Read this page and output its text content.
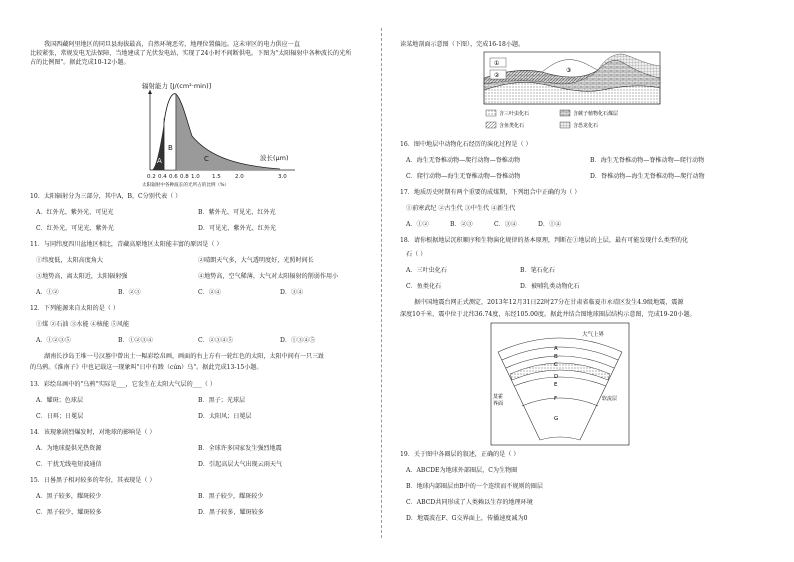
我国西藏阿里地区的同旦县海拔最高，自然环境恶劣，地理位置偏远。这未审区的电力供应一直
比较紧张，常规发电无法保障，当地建成了光伏发电站，实现了24小时不间断供电。下图为"太阳辐射中各种波长的光所
占的比例图"。据此完成10-12小题。
辐射能力 [J/(cm²·min)]
A
B
C	波长(μm)
0.2 0.4 0.6 0.8 1.0 1.5	2.0	3.0
太阳辐射中各种波长的光所占的比例（%）
10．太阳辐射分为三部分，其中A，B，C分别代表（ ）
A．红外光、紫外光、可见光	B．紫外光、可见光、红外光
C．红外光、可见光、紫外光	D．可见光、紫外光、红外光
11．与同纬度四川盆地区相比，青藏高原地区太阳能丰富的原因是（ ）
①纬度低，太阳高度角大	②晴朗天气多，大气透明度好，光照时间长
③地势高，离太阳近，太阳辐射强	④地势高，空气稀薄，大气对太阳辐射的削弱作用小
A．①②	B．②③	C．②④	D．③④
12．下列能源来自太阳的是（ ）
①煤 ②石油 ③水能 ④核能 ⑤风能
A．①②③⑤	B．①②③④	C．②③④⑤	D．①③④⑤
湖南长沙岛王堆一号汉墓中曾出土一幅彩绘帛画，画面的右上方有一轮红色的太阳，太阳中间有一只三趾
的乌鸦。《淮南子》中也记载这一现象叫"日中有踆（cún）乌"。据此完成13-15小题。
13．彩绘帛画中的"乌鸦"实际是___，它发生在太阳大气层的___（ ）
A．耀斑；色球层	B．黑子；光球层
C．日珥；日冕层	D．太阳风；日冕层
14．该现象剧烈爆发时，对地球的影响是（ ）
A．为地球提供光热资源	B．全球许多国家发生强烈地震
C．干扰无线电短波通信	D．引起高层大气出现云雨天气
15．日晷黑子相对较多的年份，其表现是（ ）
A．黑子较多，耀斑较少	B．黑子较少，耀斑较少
C．黑子较少，耀斑较多	D．黑子较多，耀斑较多
读某地剖面示意图（下图），完成16-18小题。
①
②
③
含三叶虫化石	含蕨子植物化石煤层
含鱼类化石	含恐龙化石
16．图中地层中动物化石经历的演化过程是（ ）
A．海生无脊椎动物—爬行动物—脊椎动物	B．海生无脊椎动物—脊椎动物—爬行动物
C．爬行动物—海生无脊椎动物—脊椎动物	D．脊椎动物—海生无脊椎动物—爬行动物
17．地质历史时期有两个重要的成煤期，下列组合中正确的为（ ）
①前寒武纪 ②古生代 ③中生代 ④新生代
A．①②	B．②③	C．③④	D．①④
18．请你根据地层沉积顺序和生物演化规律的基本原理，判断在①地层的上层，最有可能发现什么类型的化
石（ ）
A．三叶虫化石	B．笔石化石
C．鱼类化石	D．被哺乳类动物化石
据中国地震台网正式测定，2013年12月31日22时27分在甘肃省临夏市永靖区发生4.9级地震，震源
深度10千米，震中位于北纬36.74度，东经105.00度。据此并结合图地球圈层结构示意图，完成19-20小题。
大气上界
A
B
C
D
E
F
G
莫霍
界面
软流层
19．关于图中各圈层的叙述，正确的是（ ）
A．ABCDE为地球外部圈层，C为生物圈
B．地球内部圈层由B中的一个连续而不规则的圈层
C．ABCD共同形成了人类赖以生存的地理环境
D．地震波在F、G交界面上，传播速度减为0
